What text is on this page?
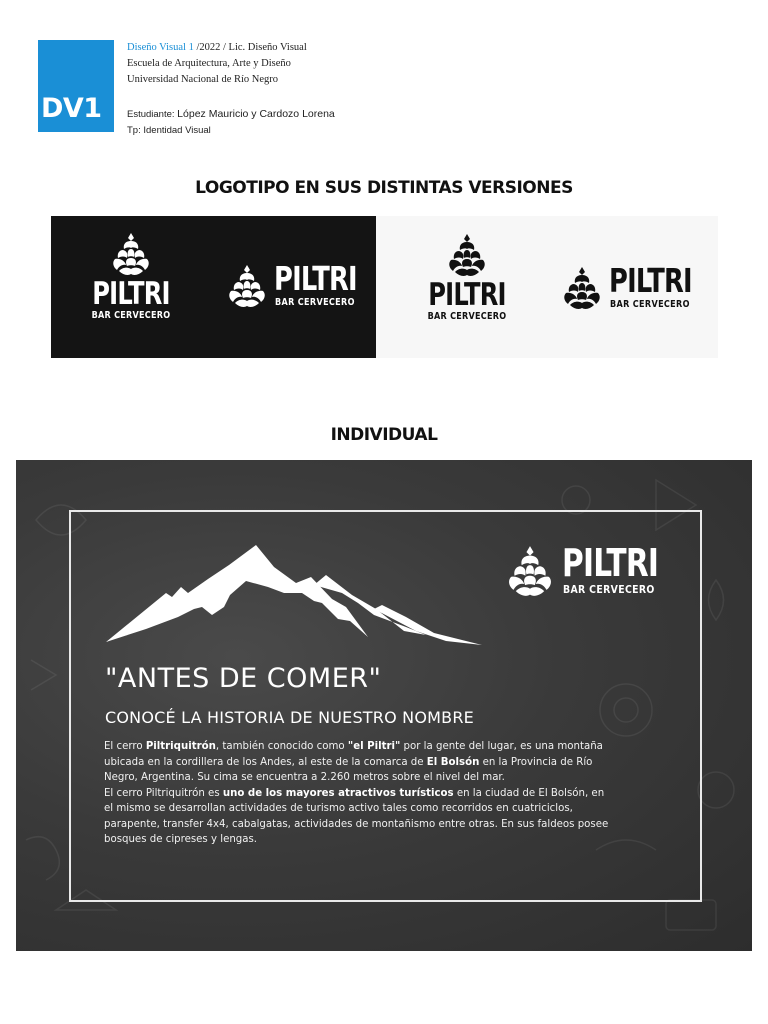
DV1
Diseño Visual 1 /2022 / Lic. Diseño Visual
Escuela de Arquitectura, Arte y Diseño
Universidad Nacional de Río Negro
Estudiante: López Mauricio y Cardozo Lorena
Tp: Identidad Visual
LOGOTIPO EN SUS DISTINTAS VERSIONES
PILTRI
BAR CERVECERO
PILTRI
BAR CERVECERO PILTRI
BAR CERVECERO
PILTRI
BAR CERVECERO
INDIVIDUAL
PILTRI
BAR CERVECERO
"ANTES DE COMER"
CONOCÉ LA HISTORIA DE NUESTRO NOMBRE

El cerro Piltriquitrón, también conocido como "el Piltri" por la gente del lugar, es una montaña ubicada en la cordillera de los Andes, al este de la comarca de El Bolsón en la Provincia de Río Negro, Argentina. Su cima se encuentra a 2.260 metros sobre el nivel del mar.

El cerro Piltriquitrón es uno de los mayores atractivos turísticos en la ciudad de El Bolsón, en el mismo se desarrollan actividades de turismo activo tales como recorridos en cuatriciclos, parapente, transfer 4x4, cabalgatas, actividades de montañismo entre otras. En sus faldeos posee bosques de cipreses y lengas.
